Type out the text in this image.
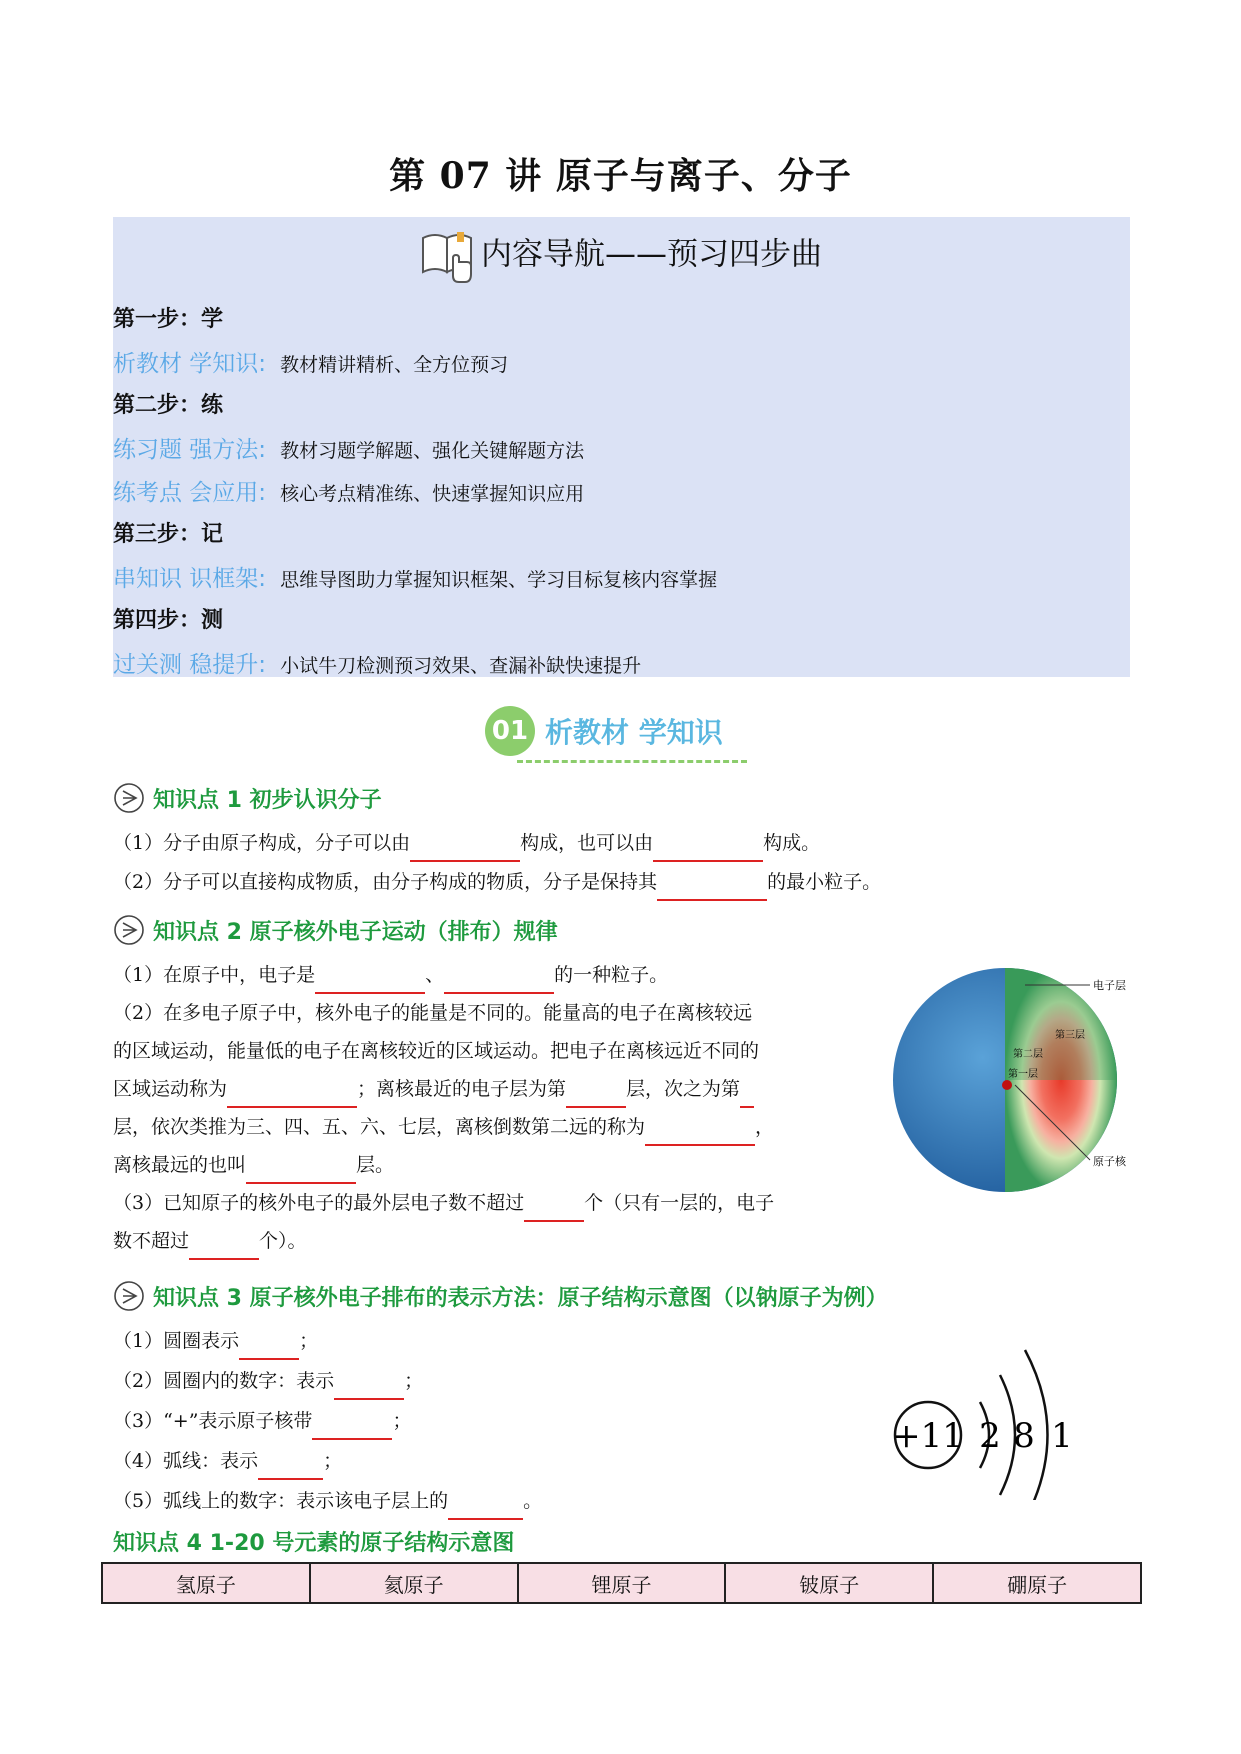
第 07 讲 原子与离子、分子
内容导航——预习四步曲
第一步：学
析教材 学知识: 教材精讲精析、全方位预习
第二步：练
练习题 强方法: 教材习题学解题、强化关键解题方法
练考点 会应用: 核心考点精准练、快速掌握知识应用
第三步：记
串知识 识框架: 思维导图助力掌握知识框架、学习目标复核内容掌握
第四步：测
过关测 稳提升: 小试牛刀检测预习效果、查漏补缺快速提升
01 析教材 学知识
知识点 1 初步认识分子
（1）分子由原子构成，分子可以由	构成，也可以由	构成。
（2）分子可以直接构成物质，由分子构成的物质，分子是保持其	的最小粒子。
知识点 2 原子核外电子运动（排布）规律
（1）在原子中，电子是	、	的一种粒子。
（2）在多电子原子中，核外电子的能量是不同的。能量高的电子在离核较远
的区域运动，能量低的电子在离核较近的区域运动。把电子在离核远近不同的
区域运动称为	；离核最近的电子层为第	层，次之为第
层，依次类推为三、四、五、六、七层，离核倒数第二远的称为	，
离核最远的也叫	层。
（3）已知原子的核外电子的最外层电子数不超过	个（只有一层的，电子
数不超过	个）。
电子层
第三层
第二层
第一层
原子核
知识点 3 原子核外电子排布的表示方法：原子结构示意图（以钠原子为例）
（1）圆圈表示	；
（2）圆圈内的数字：表示	；
（3）“+”表示原子核带	；
（4）弧线：表示	；
（5）弧线上的数字：表示该电子层上的	。
+11 2 8 1
知识点 4 1-20 号元素的原子结构示意图
氢原子	氦原子	锂原子	铍原子	硼原子
